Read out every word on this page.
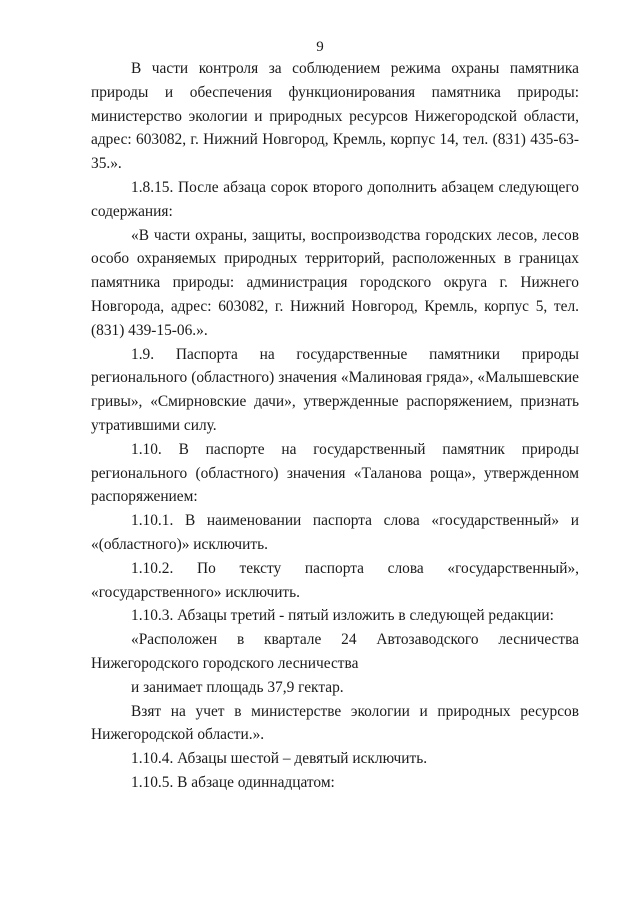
9

В части контроля за соблюдением режима охраны памятника природы и обеспечения функционирования памятника природы: министерство экологии и природных ресурсов Нижегородской области, адрес: 603082, г. Нижний Новгород, Кремль, корпус 14, тел. (831) 435-63-35.».

1.8.15. После абзаца сорок второго дополнить абзацем следующего содержания:

«В части охраны, защиты, воспроизводства городских лесов, лесов особо охраняемых природных территорий, расположенных в границах памятника природы: администрация городского округа г. Нижнего Новгорода, адрес: 603082, г. Нижний Новгород, Кремль, корпус 5, тел. (831) 439-15-06.».

1.9. Паспорта на государственные памятники природы регионального (областного) значения «Малиновая гряда», «Малышевские гривы», «Смирновские дачи», утвержденные распоряжением, признать утратившими силу.

1.10. В паспорте на государственный памятник природы регионального (областного) значения «Таланова роща», утвержденном распоряжением:

1.10.1. В наименовании паспорта слова «государственный» и «(областного)» исключить.

1.10.2. По тексту паспорта слова «государственный», «государственного» исключить.

1.10.3. Абзацы третий - пятый изложить в следующей редакции:

«Расположен в квартале 24 Автозаводского лесничества Нижегородского городского лесничества

и занимает площадь 37,9 гектар.

Взят на учет в министерстве экологии и природных ресурсов Нижегородской области.».

1.10.4. Абзацы шестой – девятый исключить.

1.10.5. В абзаце одиннадцатом:
